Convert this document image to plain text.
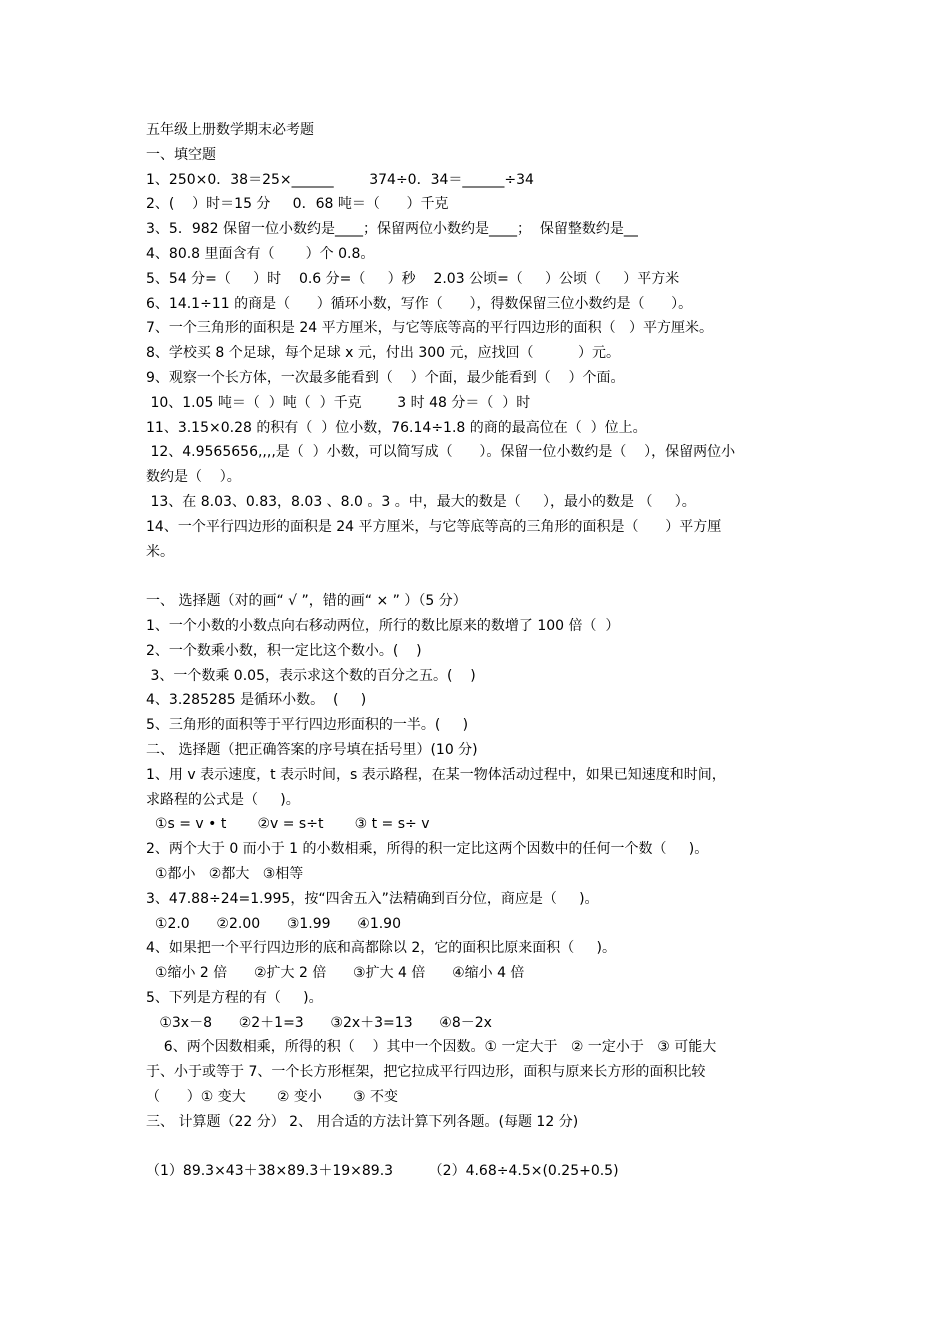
五年级上册数学期末必考题

一、填空题

1、250×0．38＝25×______        374÷0．34＝______÷34

2、(    ）时＝15 分     0．68 吨＝（      ）千克

3、5．982 保留一位小数约是____；保留两位小数约是____；  保留整数约是__

4、80.8 里面含有（       ）个 0.8。

5、54 分=（     ）时    0.6 分=（     ）秒    2.03 公顷=（     ）公顷（     ）平方米

6、14.1÷11 的商是（      ）循环小数，写作（      ），得数保留三位小数约是（      ）。

7、一个三角形的面积是 24 平方厘米，与它等底等高的平行四边形的面积（   ）平方厘米。

8、学校买 8 个足球，每个足球 x 元，付出 300 元，应找回（          ）元。

9、观察一个长方体，一次最多能看到（    ）个面，最少能看到（    ）个面。

10、1.05 吨＝（  ）吨（  ）千克        3 时 48 分＝（  ）时

11、3.15×0.28 的积有（  ）位小数，76.14÷1.8 的商的最高位在（  ）位上。

12、4.9565656,,,,是（  ）小数，可以简写成（      ）。保留一位小数约是（    ），保留两位小

数约是（    ）。

13、在 8.03、0.83，8.03 、8.0 。3 。中，最大的数是（     ），最小的数是 （     ）。

14、一个平行四边形的面积是 24 平方厘米，与它等底等高的三角形的面积是（      ）平方厘

米。

一、 选择题（对的画“ √ ”，错的画“ × ” ）（5 分）

1、一个小数的小数点向右移动两位，所行的数比原来的数增了 100 倍（  ）

2、一个数乘小数，积一定比这个数小。(    )

3、一个数乘 0.05，表示求这个数的百分之五。(    )

4、3.285285 是循环小数。  (     )

5、三角形的面积等于平行四边形面积的一半。(     )

二、 选择题（把正确答案的序号填在括号里）(10 分)

1、用 v 表示速度，t 表示时间，s 表示路程，在某一物体活动过程中，如果已知速度和时间，

求路程的公式是（     )。

①s = v • t       ②v = s÷t       ③ t = s÷ v

2、两个大于 0 而小于 1 的小数相乘，所得的积一定比这两个因数中的任何一个数（     )。

①都小   ②都大   ③相等

3、47.88÷24=1.995，按“四舍五入”法精确到百分位，商应是（     )。

①2.0      ②2.00      ③1.99      ④1.90

4、如果把一个平行四边形的底和高都除以 2，它的面积比原来面积（     )。

①缩小 2 倍      ②扩大 2 倍      ③扩大 4 倍      ④缩小 4 倍

5、下列是方程的有（     )。

①3x－8      ②2＋1=3      ③2x＋3=13      ④8－2x

6、两个因数相乘，所得的积（    ）其中一个因数。① 一定大于   ② 一定小于   ③ 可能大

于、小于或等于 7、一个长方形框架，把它拉成平行四边形，面积与原来长方形的面积比较

（      ）① 变大       ② 变小       ③ 不变

三、 计算题（22 分） 2、 用合适的方法计算下列各题。(每题 12 分)

（1）89.3×43＋38×89.3＋19×89.3        （2）4.68÷4.5×(0.25+0.5)
